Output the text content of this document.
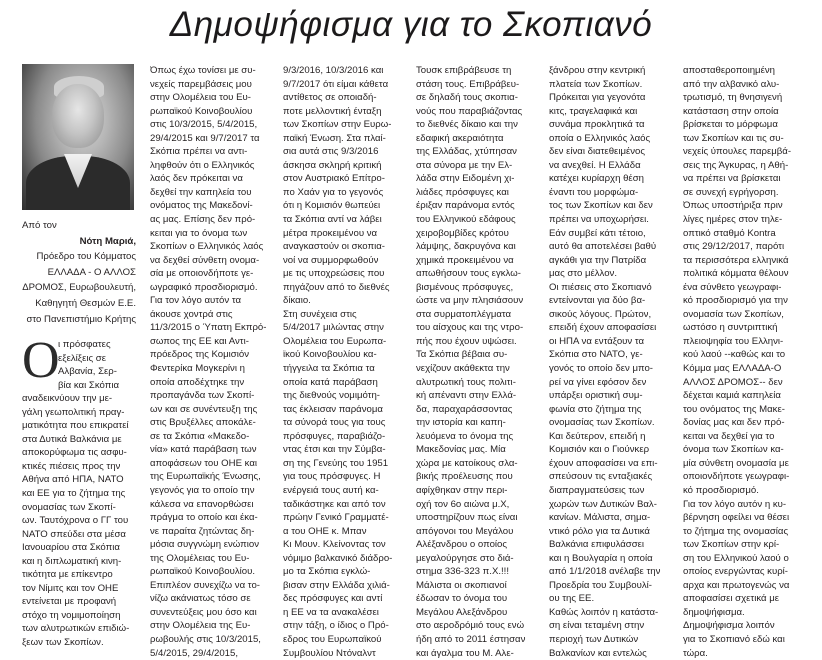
Δημοψήφισμα για το Σκοπιανό
Από τον
Νότη Μαριά,
Πρόεδρο του Κόμματος
ΕΛΛΑΔΑ - Ο ΑΛΛΟΣ
ΔΡΟΜΟΣ, Ευρωβουλευτή,
Καθηγητή Θεσμών Ε.Ε.
στο Πανεπιστήμιο Κρήτης
Ο
ι πρόσφατες
εξελίξεις σε
Αλβανία, Σερ-
βία και Σκόπια
αναδεικνύουν την με-
γάλη γεωπολιτική πραγ-
ματικότητα που επικρατεί
στα Δυτικά Βαλκάνια με
αποκορύφωμα τις ασφυ-
κτικές πιέσεις προς την
Αθήνα από ΗΠΑ, ΝΑΤΟ
και ΕΕ για το ζήτημα της
ονομασίας των Σκοπί-
ων. Ταυτόχρονα ο ΓΓ του
ΝΑΤΟ σπεύδει στα μέσα
Ιανουαρίου στα Σκόπια
και η διπλωματική κινη-
τικότητα με επίκεντρο
τον Νίμιτς και τον ΟΗΕ
εντείνεται με προφανή
στόχο τη νομιμοποίηση
των αλυτρωτικών επιδιώ-
ξεων των Σκοπίων.
Όπως έχω τονίσει με συ-
νεχείς παρεμβάσεις μου
στην Ολομέλεια του Ευ-
ρωπαϊκού Κοινοβουλίου
στις 10/3/2015, 5/4/2015,
29/4/2015 και 9/7/2017 τα
Σκόπια πρέπει να αντι-
ληφθούν ότι ο Ελληνικός
λαός δεν πρόκειται να
δεχθεί την καπηλεία του
ονόματος της Μακεδονί-
ας μας. Επίσης δεν πρό-
κειται για το όνομα των
Σκοπίων ο Ελληνικός λαός
να δεχθεί σύνθετη ονομα-
σία με οποιονδήποτε γε-
ωγραφικό προσδιορισμό.
Για τον λόγο αυτόν τα
άκουσε χοντρά στις
11/3/2015 ο Ύπατη Εκπρό-
σωπος της ΕΕ και Αντι-
πρόεδρος της Κομισιόν
Φεντερίκα Μογκερίνι η
οποία αποδέχτηκε την
προπαγάνδα των Σκοπί-
ων και σε συνέντευξη της
στις Βρυξέλλες αποκάλε-
σε τα Σκόπια «Μακεδο-
νία» κατά παράβαση των
αποφάσεων του ΟΗΕ και
της Ευρωπαϊκής Ένωσης,
γεγονός για το οποίο την
κάλεσα να επανορθώσει
πράγμα το οποίο και έκα-
νε παραίτα ζητώντας δη-
μόσια συγγνώμη ενώπιον
της Ολομέλειας του Ευ-
ρωπαϊκού Κοινοβουλίου.
Επιπλέον συνεχίζω να το-
νίζω ακάνιατως τόσο σε
συνεντεύξεις μου όσο και
στην Ολομέλεια της Ευ-
ρωβουλής στις 10/3/2015,
5/4/2015, 29/4/2015,
9/3/2016, 10/3/2016 και
9/7/2017 ότι είμαι κάθετα
αντίθετος σε οποιαδή-
ποτε μελλοντική ένταξη
των Σκοπίων στην Ευρω-
παϊκή Ένωση. Στα πλαί-
σια αυτά στις 9/3/2016
άσκησα σκληρή κριτική
στον Αυστριακό Επίτρο-
πο Χαάν για το γεγονός
ότι η Κομισιόν θωπεύει
τα Σκόπια αντί να λάβει
μέτρα προκειμένου να
αναγκαστούν οι σκοπια-
νοί να συμμορφωθούν
με τις υποχρεώσεις που
πηγάζουν από το διεθνές
δίκαιο.
Στη συνέχεια στις
5/4/2017 μιλώντας στην
Ολομέλεια του Ευρωπα-
ϊκού Κοινοβουλίου κα-
τήγγειλα τα Σκόπια τα
οποία κατά παράβαση
της διεθνούς νομιμότη-
τας έκλεισαν παράνομα
τα σύνορά τους για τους
πρόσφυγες, παραβιάζο-
ντας έτσι και την Σύμβα-
ση της Γενεύης του 1951
για τους πρόσφυγες. Η
ενέργειά τους αυτή κα-
ταδικάστηκε και από τον
πρώην Γενικό Γραμματέ-
α του ΟΗΕ κ. Μπαν
Κι Μουν. Κλείνοντας τον
νόμιμο βαλκανικό διάδρο-
μο τα Σκόπια εγκλώ-
βισαν στην Ελλάδα χιλιά-
δες πρόσφυγες και αντί
η ΕΕ να τα ανακαλέσει
στην τάξη, ο ίδιος ο Πρό-
εδρος του Ευρωπαϊκού
Συμβουλίου Ντόναλντ
Τουσκ επιβράβευσε τη
στάση τους. Επιβράβευ-
σε δηλαδή τους σκοπια-
νούς που παραβιάζοντας
το διεθνές δίκαιο και την
εδαφική ακεραιότητα
της Ελλάδας, χτύπησαν
στα σύνορα με την Ελ-
λάδα στην Ειδομένη χι-
λιάδες πρόσφυγες και
έριξαν παράνομα εντός
του Ελληνικού εδάφους
χειροβομβίδες κρότου
λάμψης, δακρυγόνα και
χημικά προκειμένου να
απωθήσουν τους εγκλω-
βισμένους πρόσφυγες,
ώστε να μην πλησιάσουν
στα συρματοπλέγματα
του αίσχους και της ντρο-
πής που έχουν υψώσει.
Τα Σκόπια βέβαια συ-
νεχίζουν ακάθεκτα την
αλυτρωτική τους πολιτι-
κή απέναντι στην Ελλά-
δα, παραχαράσσοντας
την ιστορία και καπη-
λευόμενα το όνομα της
Μακεδονίας μας. Μία
χώρα με κατοίκους σλα-
βικής προέλευσης που
αφίχθηκαν στην περι-
οχή τον 6ο αιώνα μ.Χ,
υποστηρίζουν πως είναι
απόγονοι του Μεγάλου
Αλέξανδρου ο οποίος
μεγαλούργησε στο διά-
στημα 336-323 π.Χ.!!!
Μάλιστα οι σκοπιανοί
έδωσαν το όνομα του
Μεγάλου Αλεξάνδρου
στο αεροδρόμιό τους ενώ
ήδη από το 2011 έστησαν
και άγαλμα του Μ. Αλε-
ξάνδρου στην κεντρική
πλατεία των Σκοπίων.
Πρόκειται για γεγονότα
κιτς, τραγελαφικά και
συνάμα προκλητικά τα
οποία ο Ελληνικός λαός
δεν είναι διατεθειμένος
να ανεχθεί. Η Ελλάδα
κατέχει κυρίαρχη θέση
έναντι του μορφώμα-
τος των Σκοπίων και δεν
πρέπει να υποχωρήσει.
Εάν συμβεί κάτι τέτοιο,
αυτό θα αποτελέσει βαθύ
αγκάθι για την Πατρίδα
μας στο μέλλον.
Οι πιέσεις στο Σκοπιανό
εντείνονται για δύο βα-
σικούς λόγους. Πρώτον,
επειδή έχουν αποφασίσει
οι ΗΠΑ να εντάξουν τα
Σκόπια στο ΝΑΤΟ, γε-
γονός το οποίο δεν μπο-
ρεί να γίνει εφόσον δεν
υπάρξει οριστική συμ-
φωνία στο ζήτημα της
ονομασίας των Σκοπίων.
Και δεύτερον, επειδή η
Κομισιόν και ο Γιούνκερ
έχουν αποφασίσει να επι-
σπεύσουν τις ενταξιακές
διαπραγματεύσεις των
χωρών των Δυτικών Βαλ-
κανίων. Μάλιστα, σημα-
ντικό ρόλο για τα Δυτικά
Βαλκάνια επιφυλάσσει
και η Βουλγαρία η οποία
από 1/1/2018 ανέλαβε την
Προεδρία του Συμβουλί-
ου της ΕΕ.
Καθώς λοιπόν η κατάστα-
ση είναι τεταμένη στην
περιοχή των Δυτικών
Βαλκανίων και εντελώς
αποσταθεροποιημένη
από την αλβανικό αλυ-
τρωτισμό, τη θνησιγενή
κατάσταση στην οποία
βρίσκεται το μόρφωμα
των Σκοπίων και τις συ-
νεχείς ύπουλες παρεμβά-
σεις της Άγκυρας, η Αθή-
να πρέπει να βρίσκεται
σε συνεχή εγρήγορση.
Όπως υποστήριξα πριν
λίγες ημέρες στον τηλε-
οπτικό σταθμό Kontra
στις 29/12/2017, παρότι
τα περισσότερα ελληνικά
πολιτικά κόμματα θέλουν
ένα σύνθετο γεωγραφι-
κό προσδιορισμό για την
ονομασία των Σκοπίων,
ωστόσο η συντριπτική
πλειοψηφία του Ελληνι-
κού λαού --καθώς και το
Κόμμα μας ΕΛΛΑΔΑ-Ο
ΑΛΛΟΣ ΔΡΟΜΟΣ-- δεν
δέχεται καμιά καπηλεία
του ονόματος της Μακε-
δονίας μας και δεν πρό-
κειται να δεχθεί για το
όνομα των Σκοπίων κα-
μία σύνθετη ονομασία με
οποιονδήποτε γεωγραφι-
κό προσδιορισμό.
Για τον λόγο αυτόν η κυ-
βέρνηση οφείλει να θέσει
το ζήτημα της ονομασίας
των Σκοπίων στην κρί-
ση του Ελληνικού λαού ο
οποίος ενεργώντας κυρί-
αρχα και πρωτογενώς να
αποφασίσει σχετικά με
δημοψήφισμα.
Δημοψήφισμα λοιπόν
για το Σκοπιανό εδώ και
τώρα.
